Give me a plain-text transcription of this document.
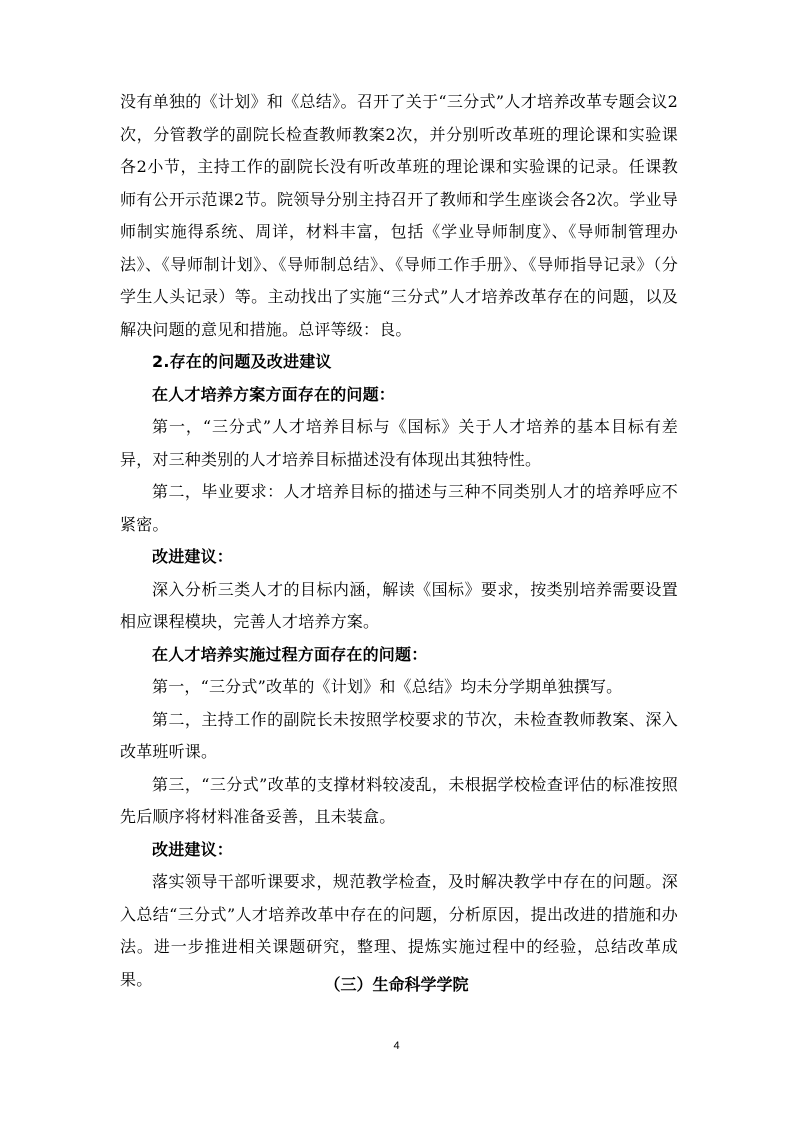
没有单独的《计划》和《总结》。召开了关于“三分式”人才培养改革专题会议2次，分管教学的副院长检查教师教案2次，并分别听改革班的理论课和实验课各2小节，主持工作的副院长没有听改革班的理论课和实验课的记录。任课教师有公开示范课2节。院领导分别主持召开了教师和学生座谈会各2次。学业导师制实施得系统、周详，材料丰富，包括《学业导师制度》、《导师制管理办法》、《导师制计划》、《导师制总结》、《导师工作手册》、《导师指导记录》（分学生人头记录）等。主动找出了实施“三分式”人才培养改革存在的问题，以及解决问题的意见和措施。总评等级：良。

2.存在的问题及改进建议

在人才培养方案方面存在的问题：

第一，“三分式”人才培养目标与《国标》关于人才培养的基本目标有差异，对三种类别的人才培养目标描述没有体现出其独特性。

第二，毕业要求：人才培养目标的描述与三种不同类别人才的培养呼应不紧密。

改进建议：

深入分析三类人才的目标内涵，解读《国标》要求，按类别培养需要设置相应课程模块，完善人才培养方案。

在人才培养实施过程方面存在的问题：

第一，“三分式”改革的《计划》和《总结》均未分学期单独撰写。

第二，主持工作的副院长未按照学校要求的节次，未检查教师教案、深入改革班听课。

第三，“三分式”改革的支撑材料较凌乱，未根据学校检查评估的标准按照先后顺序将材料准备妥善，且未装盒。

改进建议：

落实领导干部听课要求，规范教学检查，及时解决教学中存在的问题。深入总结“三分式”人才培养改革中存在的问题，分析原因，提出改进的措施和办法。进一步推进相关课题研究，整理、提炼实施过程中的经验，总结改革成果。	（三）生命科学学院
4
